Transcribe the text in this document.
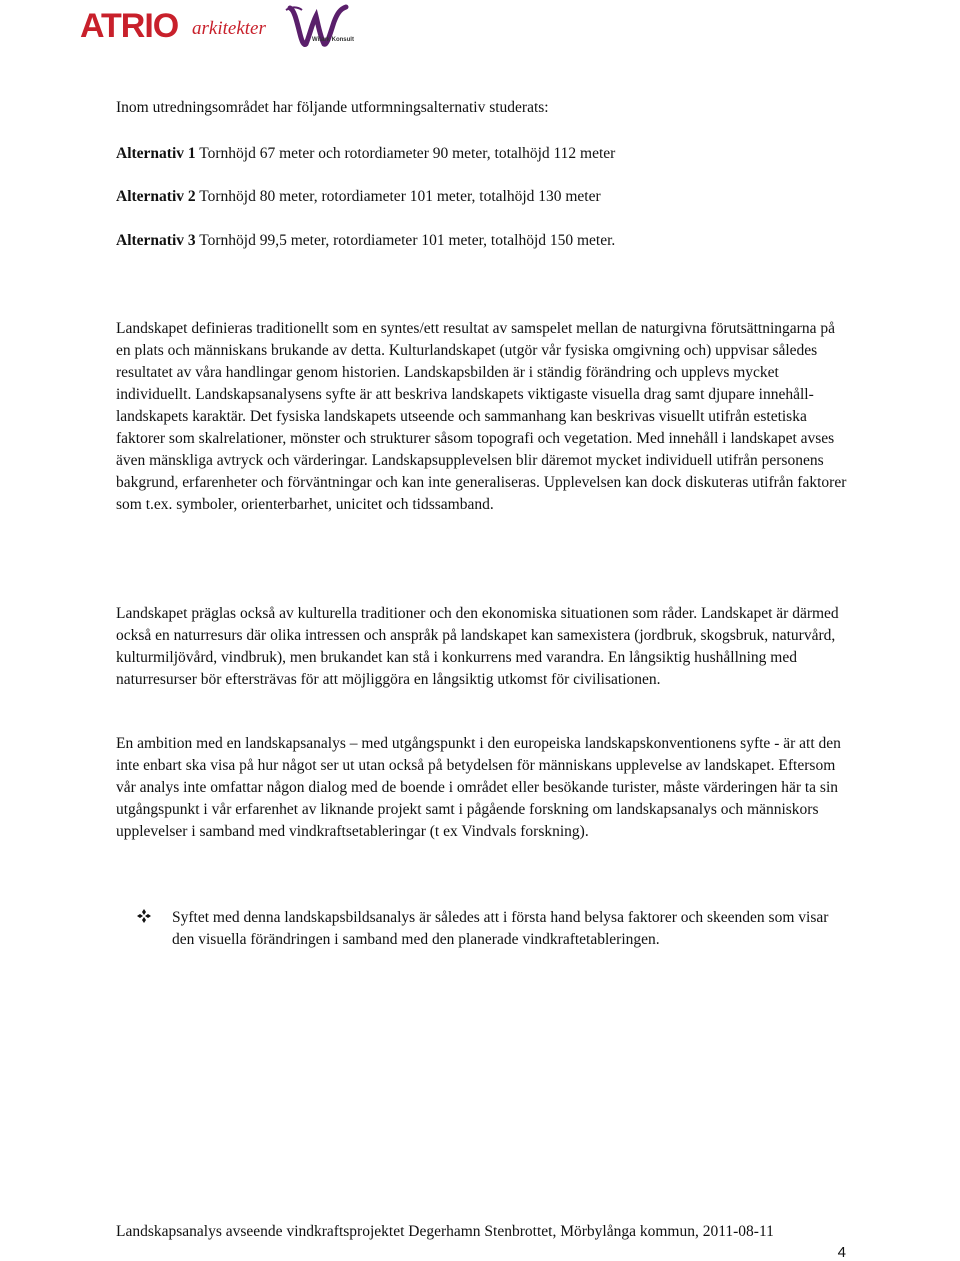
ATRIO arkitekter
Wilark Konsult

Inom utredningsområdet har följande utformningsalternativ studerats:

Alternativ 1 Tornhöjd 67 meter och rotordiameter 90 meter, totalhöjd 112 meter

Alternativ 2 Tornhöjd 80 meter, rotordiameter 101 meter, totalhöjd 130 meter

Alternativ 3 Tornhöjd 99,5 meter, rotordiameter 101 meter, totalhöjd 150 meter.

Landskapet definieras traditionellt som en syntes/ett resultat av samspelet mellan de naturgivna förutsättningarna på en plats och människans brukande av detta. Kulturlandskapet (utgör vår fysiska omgivning och) uppvisar således resultatet av våra handlingar genom historien. Landskapsbilden är i ständig förändring och upplevs mycket individuellt. Landskapsanalysens syfte är att beskriva landskapets viktigaste visuella drag samt djupare innehåll- landskapets karaktär. Det fysiska landskapets utseende och sammanhang kan beskrivas visuellt utifrån estetiska faktorer som skalrelationer, mönster och strukturer såsom topografi och vegetation. Med innehåll i landskapet avses även mänskliga avtryck och värderingar. Landskapsupplevelsen blir däremot mycket individuell utifrån personens bakgrund, erfarenheter och förväntningar och kan inte generaliseras. Upplevelsen kan dock diskuteras utifrån faktorer som t.ex. symboler, orienterbarhet, unicitet och tidssamband.

Landskapet präglas också av kulturella traditioner och den ekonomiska situationen som råder. Landskapet är därmed också en naturresurs där olika intressen och anspråk på landskapet kan samexistera (jordbruk, skogsbruk, naturvård, kulturmiljövård, vindbruk), men brukandet kan stå i konkurrens med varandra. En långsiktig hushållning med naturresurser bör eftersträvas för att möjliggöra en långsiktig utkomst för civilisationen.

En ambition med en landskapsanalys – med utgångspunkt i den europeiska landskapskonventionens syfte - är att den inte enbart ska visa på hur något ser ut utan också på betydelsen för människans upplevelse av landskapet. Eftersom vår analys inte omfattar någon dialog med de boende i området eller besökande turister, måste värderingen här ta sin utgångspunkt i vår erfarenhet av liknande projekt samt i pågående forskning om landskapsanalys och människors upplevelser i samband med vindkraftsetableringar (t ex Vindvals forskning).

Syftet med denna landskapsbildsanalys är således att i första hand belysa faktorer och skeenden som visar den visuella förändringen i samband med den planerade vindkraftetableringen.
Landskapsanalys avseende vindkraftsprojektet Degerhamn Stenbrottet, Mörbylånga kommun, 2011-08-11
4
